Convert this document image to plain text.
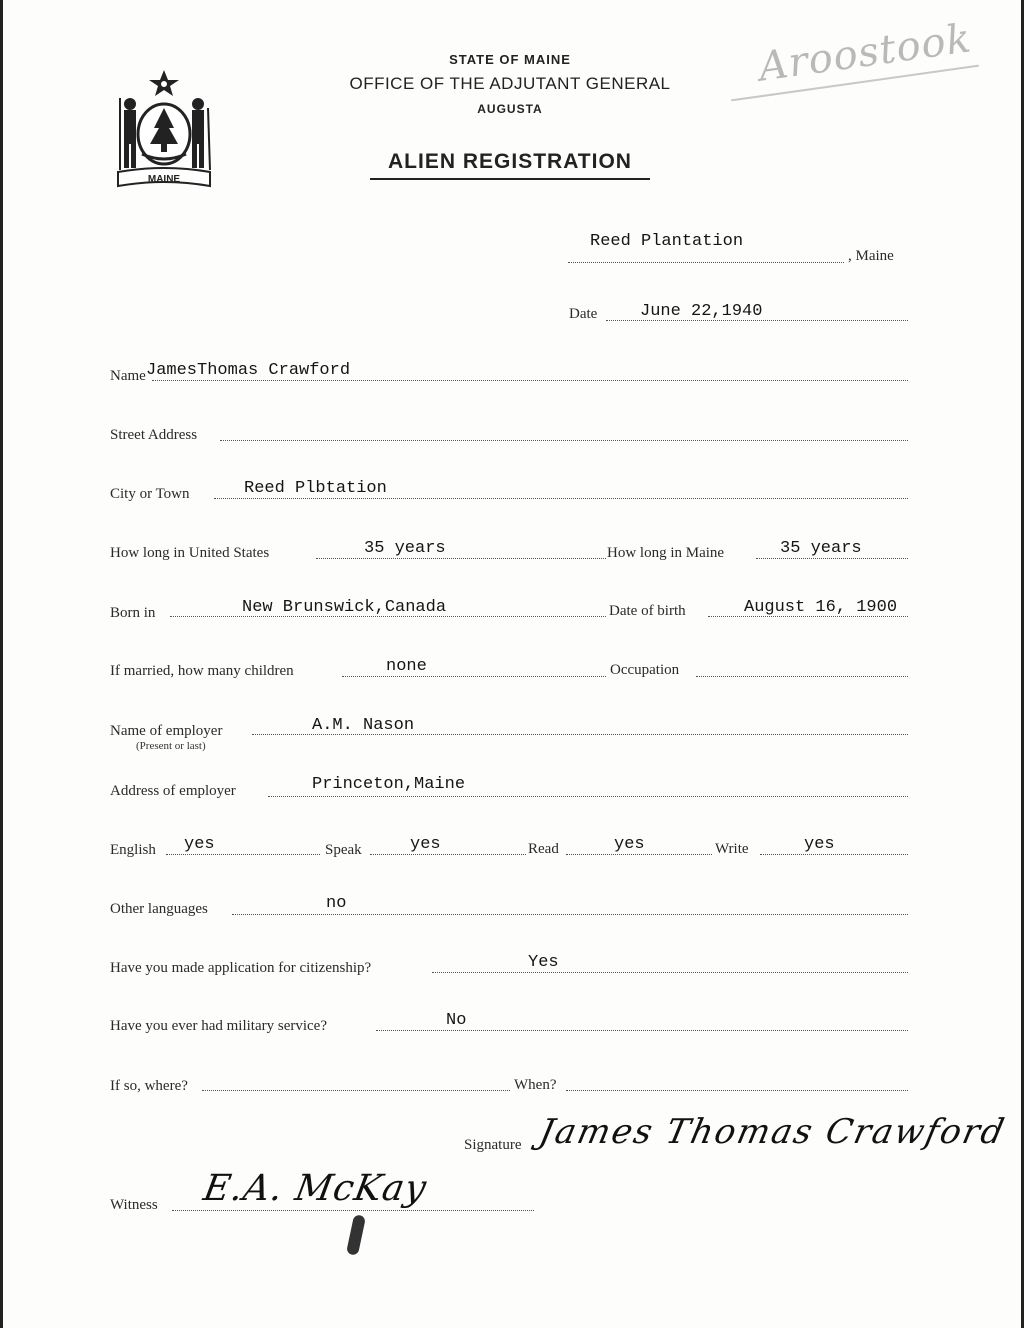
MAINE
STATE OF MAINE
OFFICE OF THE ADJUTANT GENERAL
AUGUSTA
ALIEN REGISTRATION
Aroostook
Reed Plantation
, Maine
Date	June 22,1940
Name JamesThomas Crawford
Street Address
City or Town	Reed Plbtation
How long in United States	35 years	How long in Maine	35 years
Born in	New Brunswick,Canada	Date of birth	August 16, 1900
If married, how many children	none	Occupation
Name of employer
(Present or last)
A.M. Nason
Address of employer	Princeton,Maine
English yes	Speak	yes	Read	yes	Write	yes
Other languages	no
Have you made application for citizenship?	Yes
Have you ever had military service?	No
If so, where?	When?
Signature James Thomas Crawford
Witness E.A. McKay
